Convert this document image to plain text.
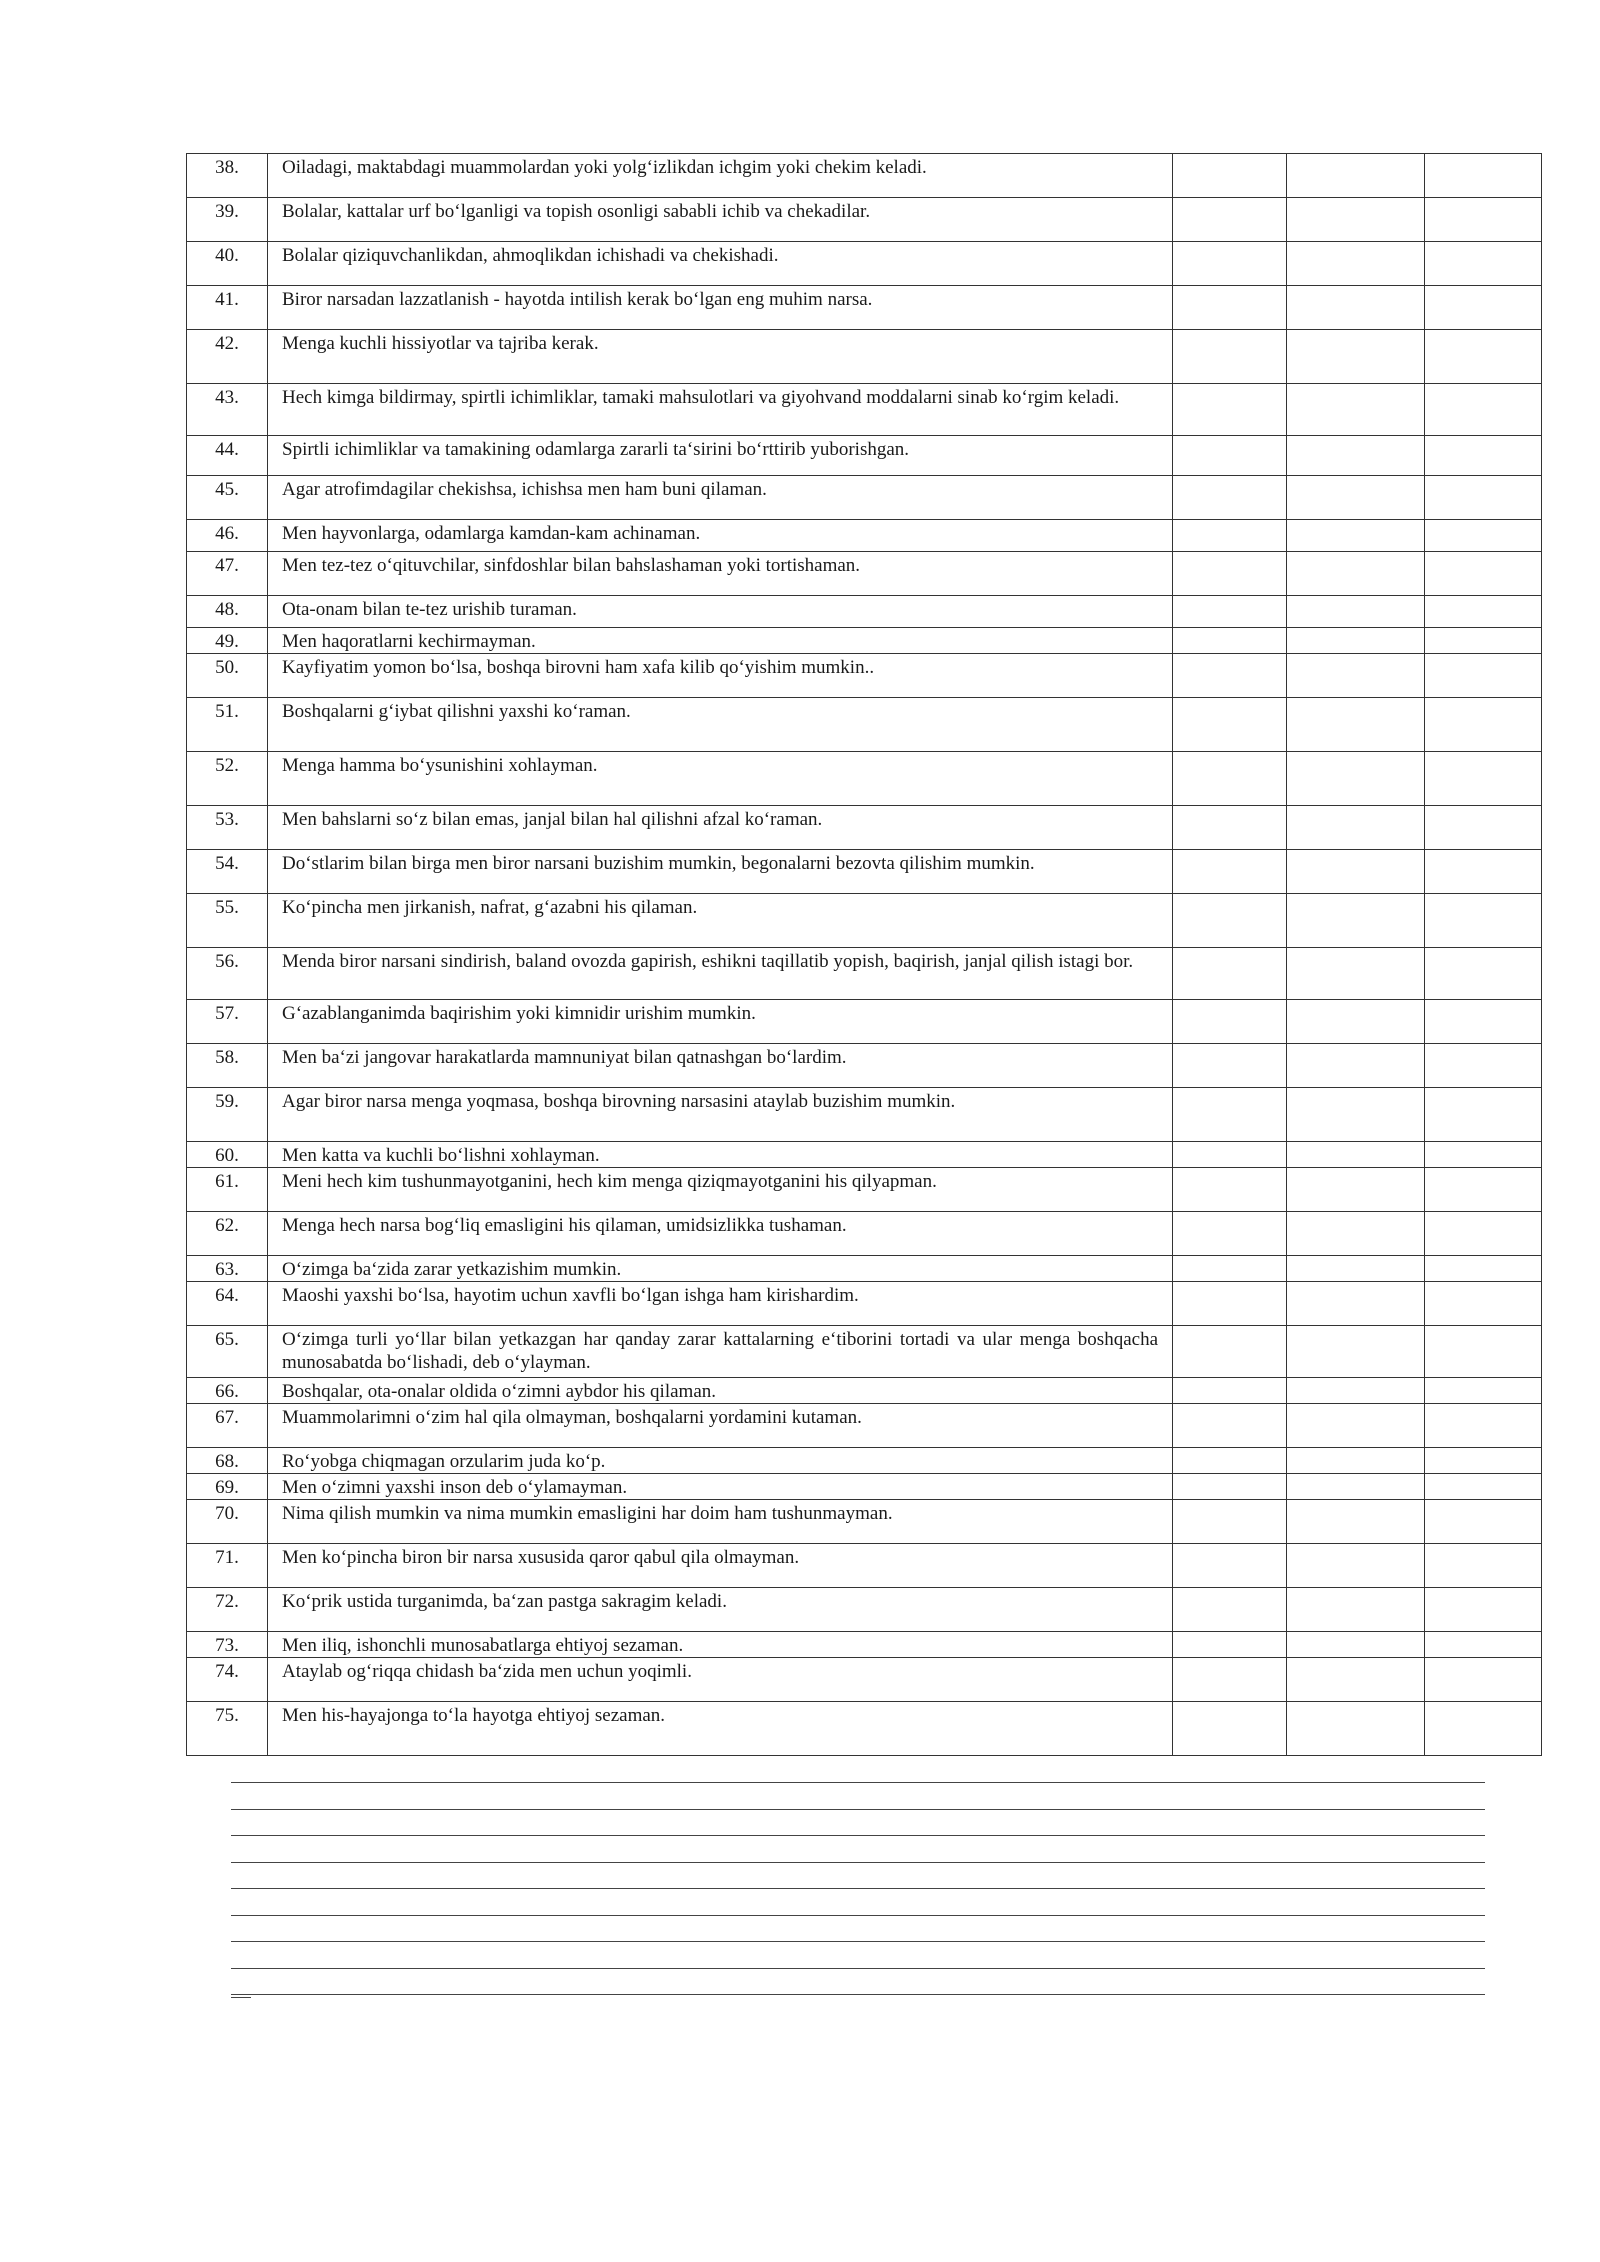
38.	Oiladagi, maktabdagi muammolardan yoki yolg‘izlikdan ichgim yoki chekim keladi.			
39.	Bolalar, kattalar urf bo‘lganligi va topish osonligi sababli ichib va chekadilar.			
40.	Bolalar qiziquvchanlikdan, ahmoqlikdan ichishadi va chekishadi.			
41.	Biror narsadan lazzatlanish - hayotda intilish kerak bo‘lgan eng muhim narsa.			
42.	Menga kuchli hissiyotlar va tajriba kerak.			
43.	Hech kimga bildirmay, spirtli ichimliklar, tamaki mahsulotlari va giyohvand moddalarni sinab ko‘rgim keladi.			
44.	Spirtli ichimliklar va tamakining odamlarga zararli ta‘sirini bo‘rttirib yuborishgan.			
45.	Agar atrofimdagilar chekishsa, ichishsa men ham buni qilaman.			
46.	Men hayvonlarga, odamlarga kamdan-kam achinaman.			
47.	Men tez-tez o‘qituvchilar, sinfdoshlar bilan bahslashaman yoki tortishaman.			
48.	Ota-onam bilan te-tez urishib turaman.			
49.	Men haqoratlarni kechirmayman.			
50.	Kayfiyatim yomon bo‘lsa, boshqa birovni ham xafa kilib qo‘yishim mumkin..			
51.	Boshqalarni g‘iybat qilishni yaxshi ko‘raman.			
52.	Menga hamma bo‘ysunishini xohlayman.			
53.	Men bahslarni so‘z bilan emas, janjal bilan hal qilishni afzal ko‘raman.			
54.	Do‘stlarim bilan birga men biror narsani buzishim mumkin, begonalarni bezovta qilishim mumkin.			
55.	Ko‘pincha men jirkanish, nafrat, g‘azabni his qilaman.			
56.	Menda biror narsani sindirish, baland ovozda gapirish, eshikni taqillatib yopish, baqirish, janjal qilish istagi bor.			
57.	G‘azablanganimda baqirishim yoki kimnidir urishim mumkin.			
58.	Men ba‘zi jangovar harakatlarda mamnuniyat bilan qatnashgan bo‘lardim.			
59.	Agar biror narsa menga yoqmasa, boshqa birovning narsasini ataylab buzishim mumkin.			
60.	Men katta va kuchli bo‘lishni xohlayman.			
61.	Meni hech kim tushunmayotganini, hech kim menga qiziqmayotganini his qilyapman.			
62.	Menga hech narsa bog‘liq emasligini his qilaman, umidsizlikka tushaman.			
63.	O‘zimga ba‘zida zarar yetkazishim mumkin.			
64.	Maoshi yaxshi bo‘lsa, hayotim uchun xavfli bo‘lgan ishga ham kirishardim.			
65.	O‘zimga turli yo‘llar bilan yetkazgan har qanday zarar kattalarning e‘tiborini tortadi va ular menga boshqacha munosabatda bo‘lishadi, deb o‘ylayman.			
66.	Boshqalar, ota-onalar oldida o‘zimni aybdor his qilaman.			
67.	Muammolarimni o‘zim hal qila olmayman, boshqalarni yordamini kutaman.			
68.	Ro‘yobga chiqmagan orzularim juda ko‘p.			
69.	Men o‘zimni yaxshi inson deb o‘ylamayman.			
70.	Nima qilish mumkin va nima mumkin emasligini har doim ham tushunmayman.			
71.	Men ko‘pincha biron bir narsa xususida qaror qabul qila olmayman.			
72.	Ko‘prik ustida turganimda, ba‘zan pastga sakragim keladi.			
73.	Men iliq, ishonchli munosabatlarga ehtiyoj sezaman.			
74.	Ataylab og‘riqqa chidash ba‘zida men uchun yoqimli.			
75.	Men his-hayajonga to‘la hayotga ehtiyoj sezaman.			
